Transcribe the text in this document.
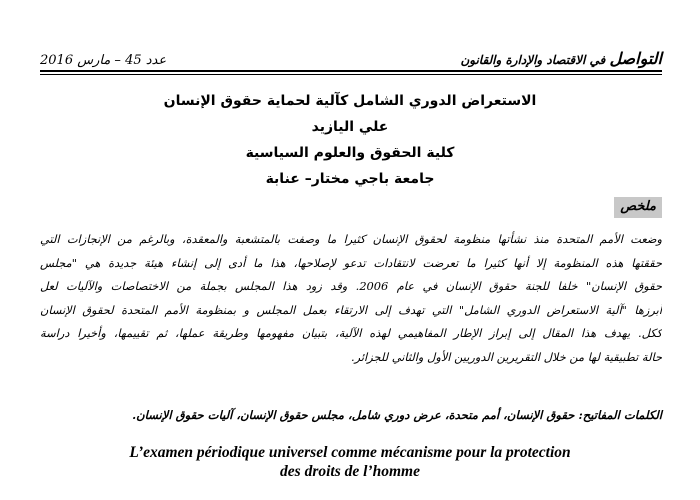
عدد 45 – مارس 2016	التواصل في الاقتصاد والإدارة والقانون
الاستعراض الدوري الشامل كآلية لحماية حقوق الإنسان
علي اليازيد
كلية الحقوق والعلوم السياسية
جامعة باجي مختار– عنابة
ملخص
وضعت الأمم المتحدة منذ نشأتها منظومة لحقوق الإنسان كثيرا ما وصفت بالمتشعبة والمعقدة، وبالرغم من الإنجازات التي
حققتها هذه المنظومة إلا أنها كثيرا ما تعرضت لانتقادات تدعو لإصلاحها، هذا ما أدى إلى إنشاء هيئة جديدة هي "مجلس
حقوق الإنسان" خلفا للجنة حقوق الإنسان في عام 2006. وقد زود هذا المجلس بجملة من الاختصاصات والآليات لعل
أبرزها "آلية الاستعراض الدوري الشامل" التي تهدف إلى الارتقاء بعمل المجلس و بمنظومة الأمم المتحدة لحقوق الإنسان
ككل. يهدف هذا المقال إلى إبراز الإطار المفاهيمي لهذه الآلية، بتبيان مفهومها وطريقة عملها، ثم تقييمها، وأخيرا دراسة
حالة تطبيقية لها من خلال التقريرين الدوريين الأول والثاني للجزائر.
الكلمات المفاتيح: حقوق الإنسان، أمم متحدة، عرض دوري شامل، مجلس حقوق الإنسان، آليات حقوق الإنسان.
L’examen périodique universel comme mécanisme pour la protection
des droits de l’homme
